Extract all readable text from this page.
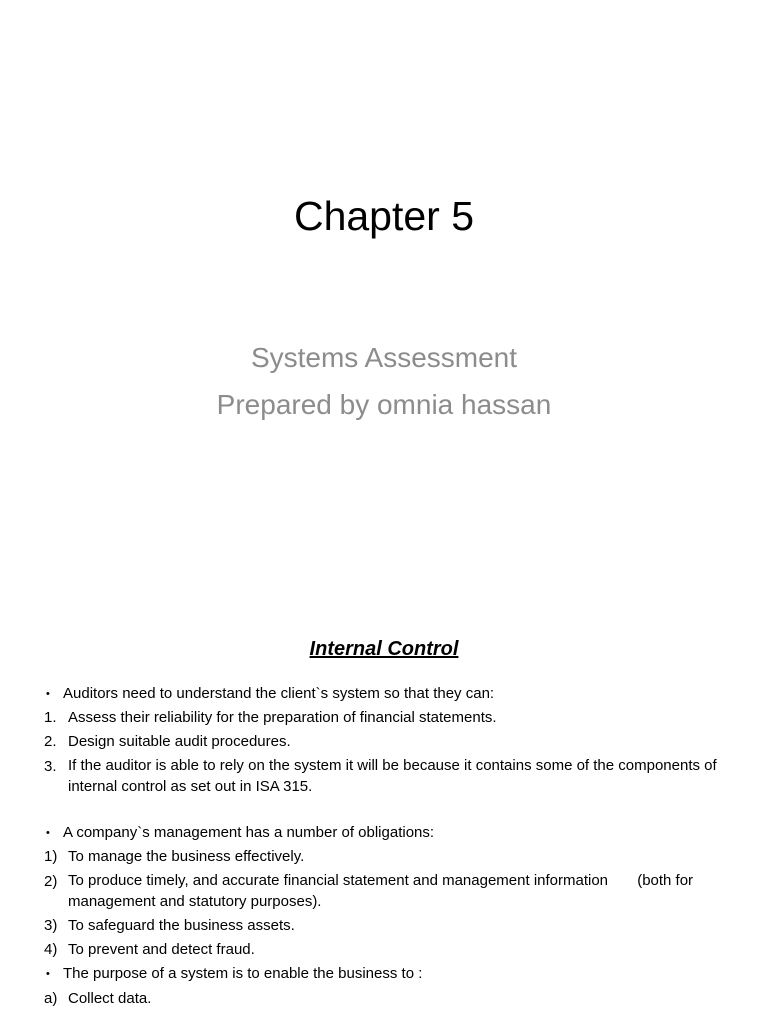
Chapter 5
Systems Assessment
Prepared by omnia hassan
Internal Control
• Auditors need to understand the client`s system so that they can:
1. Assess their reliability for the preparation of financial statements.
2. Design suitable audit procedures.
3. If the auditor is able to rely on the system it will be because it contains some of the components of internal control as set out in ISA 315.
• A company`s management has a number of obligations:
1) To manage the business effectively.
2) To produce timely, and accurate financial statement and management information       (both for management and statutory purposes).
3) To safeguard the business assets.
4) To prevent and detect fraud.
• The purpose of a system is to enable the business to :
a) Collect data.
